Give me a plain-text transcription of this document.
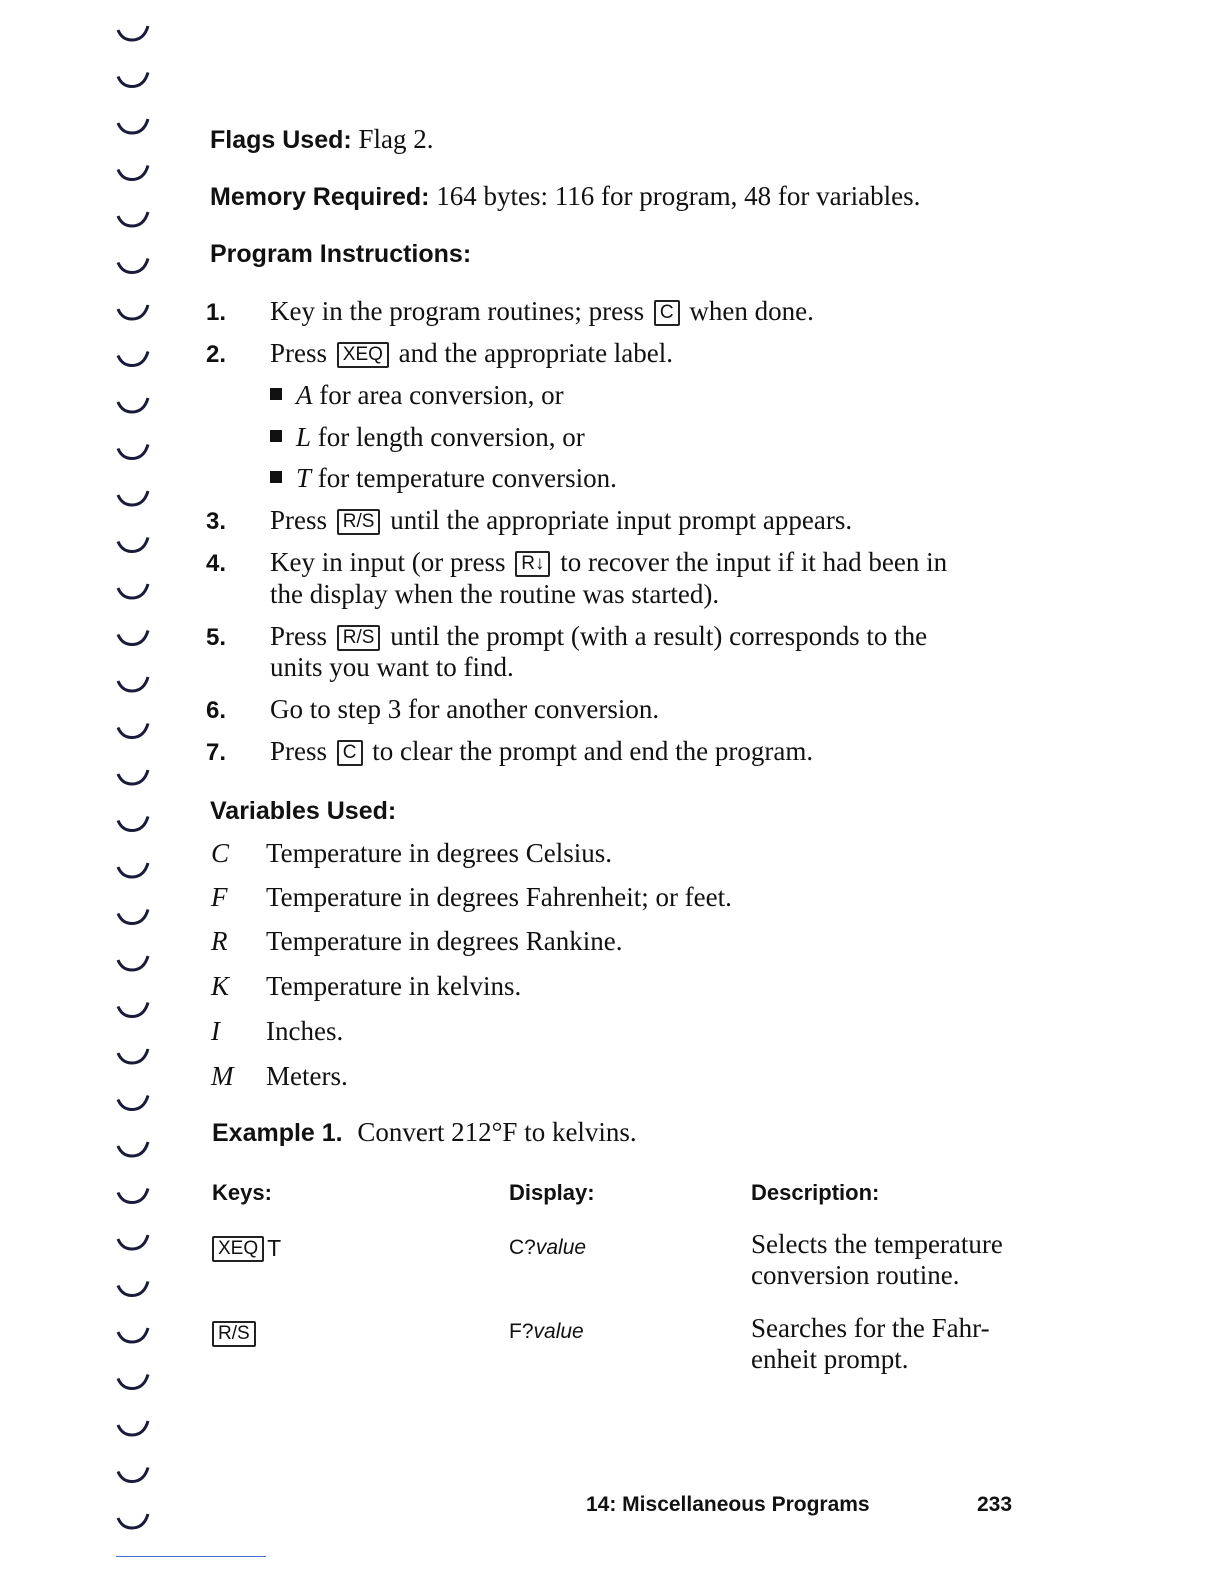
Flags Used: Flag 2.
Memory Required: 164 bytes: 116 for program, 48 for variables.
Program Instructions:
1. Key in the program routines; press C when done.
2. Press XEQ and the appropriate label.
A for area conversion, or
L for length conversion, or
T for temperature conversion.
3. Press R/S until the appropriate input prompt appears.
4. Key in input (or press R↓ to recover the input if it had been in
the display when the routine was started).
5. Press R/S until the prompt (with a result) corresponds to the
units you want to find.
6. Go to step 3 for another conversion.
7. Press C to clear the prompt and end the program.
Variables Used:
C Temperature in degrees Celsius.
F Temperature in degrees Fahrenheit; or feet.
R Temperature in degrees Rankine.
K Temperature in kelvins.
I Inches.
M Meters.
Example 1. Convert 212°F to kelvins.
Keys:	Display:	Description:
XEQ T	C?value	Selects the temperature
conversion routine.
R/S	F?value	Searches for the Fahr-
enheit prompt.
14: Miscellaneous Programs	233
